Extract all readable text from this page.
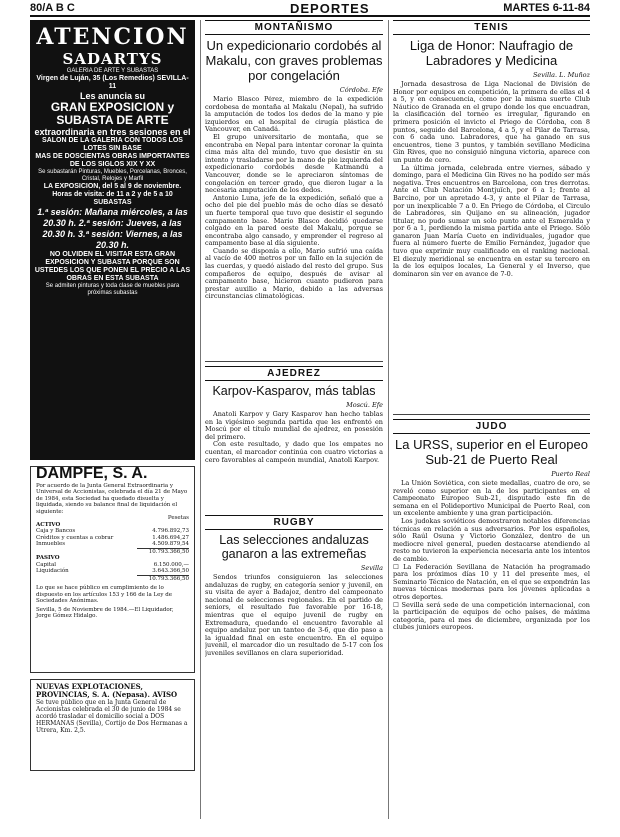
80/A B C	DEPORTES	MARTES 6-11-84
ATENCION
SADARTYS
GALERIA DE ARTE Y SUBASTAS
Virgen de Luján, 35 (Los Remedios) SEVILLA-11
Les anuncia su
GRAN EXPOSICION y
SUBASTA DE ARTE
extraordinaria en tres sesiones en el
SALON DE LA GALERIA CON TODOS LOS LOTES SIN BASE
MAS DE DOSCIENTAS OBRAS IMPORTANTES DE LOS SIGLOS XIX Y XX
Se subastarán Pinturas, Muebles, Porcelanas, Bronces, Cristal, Relojes y Marfil
LA EXPOSICION, del 5 al 9 de noviembre. Horas de visita: de 11 a 2 y de 5 a 10
SUBASTAS
1.ª sesión: Mañana miércoles, a las 20.30 h. 2.ª sesión: Jueves, a las 20.30 h. 3.ª sesión: Viernes, a las 20.30 h.
NO OLVIDEN EL VISITAR ESTA GRAN EXPOSICION Y SUBASTA PORQUE SON USTEDES LOS QUE PONEN EL PRECIO A LAS OBRAS EN ESTA SUBASTA
Se admiten pinturas y toda clase de muebles para próximas subastas
DAMPFE, S. A.
Por acuerdo de la Junta General Extraordinaria y Universal de Accionistas, celebrada el día 21 de Mayo de 1984, esta Sociedad ha quedado disuelta y liquidada, siendo su balance final de liquidación el siguiente:
	Pesetas
ACTIVO	
Caja y Bancos	4.796.892,73
Créditos y cuentas a cobrar	1.486.694,27
Inmuebles	4.509.879,54
	10.793.366,50
PASIVO	
Capital	6.150.000,—
Liquidación	3.643.366,50
	10.793.366,50
Lo que se hace público en cumplimiento de lo dispuesto en los artículos 153 y 166 de la Ley de Sociedades Anónimas.
Sevilla, 5 de Noviembre de 1984.—El Liquidador, Jorge Gómez Hidalgo.
NUEVAS EXPLOTACIONES, PROVINCIAS, S. A. (Nepasa). AVISO
Se tuve público que en la Junta General de Accionistas celebrada el 30 de junio de 1984 se acordó trasladar el domicilio social a DOS HERMANAS (Sevilla), Cortijo de Dos Hermanas a Utrera, Km. 2,5.
MONTAÑISMO
Un expedicionario cordobés al Makalu, con graves problemas por congelación
Córdoba. Efe

Mario Blasco Pérez, miembro de la expedición cordobesa de montaña al Makalu (Nepal), ha sufrido la amputación de todos los dedos de la mano y pie izquierdos en el hospital de cirugía plástica de Vancouver, en Canadá.

El grupo universitario de montaña, que se encontraba en Nepal para intentar coronar la quinta cima más alta del mundo, tuvo que desistir en su intento y trasladarse por la mano de pie izquierda del expedicionario cordobés desde Katmandú a Vancouver, donde se le apreciaron síntomas de congelación en tercer grado, que dieron lugar a la necesaria amputación de los dedos.

Antonio Luna, jefe de la expedición, señaló que a ocho del pie del pueblo más de ocho días se desató un fuerte temporal que tuvo que desistir el segundo campamento base. Mario Blasco decidió quedarse colgado en la pared oeste del Makalu, porque se encontraba algo cansado, y emprender el regreso al campamento base al día siguiente.

Cuando se disponía a ello, Mario sufrió una caída al vacío de 400 metros por un fallo en la sujeción de las cuerdas, y quedó aislado del resto del grupo. Sus compañeros de equipo, después de avisar al campamento base, hicieron cuanto pudieron para prestar auxilio a Mario, debido a las adversas circunstancias climatológicas.

AJEDREZ
Karpov-Kasparov, más tablas
Moscú. Efe

Anatoli Karpov y Gary Kasparov han hecho tablas en la vigésimo segunda partida que les enfrentó en Moscú por el título mundial de ajedrez, en posesión del primero.

Con este resultado, y dado que los empates no cuentan, el marcador continúa con cuatro victorias a cero favorables al campeón mundial, Anatoli Karpov.

RUGBY
Las selecciones andaluzas ganaron a las extremeñas
Sevilla

Sendos triunfos consiguieron las selecciones andaluzas de rugby, en categoría senior y juvenil, en su visita de ayer a Badajoz, dentro del campeonato nacional de selecciones regionales. En el partido de seniors, el resultado fue favorable por 16-18, mientras que el equipo juvenil de rugby en Extremadura, quedando el encuentro favorable al equipo andaluz por un tanteo de 3-6, que dio paso a la igualdad final en este encuentro. En el equipo juvenil, el marcador dio un resultado de 5-17 con los juveniles sevillanos en clara superioridad.

TENIS
Liga de Honor: Naufragio de Labradores y Medicina
Sevilla. L. Muñoz

Jornada desastrosa de Liga Nacional de División de Honor por equipos en competición, la primera de ellas el 4 a 5, y en consecuencia, como por la misma suerte Club Náutico de Granada en el grupo donde los que encuadran, la clasificación del torneo es irregular, figurando en primera posición el invicto el Priego de Córdoba, con 8 puntos, seguido del Barcelona, 4 a 5, y el Pilar de Tarrasa, con 6 cada uno. Labradores, que ha ganado en sus encuentros, tiene 3 puntos, y también sevillano Medicina Gin Rives, que no consiguió ninguna victoria, aparece con un punto de cero.

La última jornada, celebrada entre viernes, sábado y domingo, para el Medicina Gin Rives no ha podido ser más negativa. Tres encuentros en Barcelona, con tres derrotas. Ante el Club Natación Montjuïch, por 6 a 1; frente al Barcino, por un apretado 4-3, y ante el Pilar de Tarrasa, por un inexplicable 7 a 0. En Priego de Córdoba, el Circulo de Labradores, sin Quijano en su alineación, jugador titular, no pudo sumar un solo punto ante el Esmeralda y por 6 a 1, perdiendo la misma partida ante el Priego. Sólo ganaron Juan María Cueto en individuales, jugador que fuera al número fuerte de Emilio Fernández, jugador que tuvo que exprimir muy cualificado en el ranking nacional. El diezuly meridional se encuentra en estar su tercero en la de los equipos locales, La General y el Inverso, que dominaron sin ver en avance de 7-0.

JUDO
La URSS, superior en el Europeo Sub-21 de Puerto Real
Puerto Real

La Unión Soviética, con siete medallas, cuatro de oro, se reveló como superior en la de los participantes en el Campeonato Europeo Sub-21, disputado este fin de semana en el Polideportivo Municipal de Puerto Real, con un excelente ambiente y una gran participación.

Los judokas soviéticos demostraron notables diferencias técnicas en relación a sus adversarios. Por los españoles, sólo Raúl Osuna y Victorio González, dentro de un mediocre nivel general, pueden destacarse atendiendo al resto no tuvieron la experiencia necesaria ante los intentos de cambio.

☐ La Federación Sevillana de Natación ha programado para los próximos días 10 y 11 del presente mes, el Seminario Técnico de Natación, en el que se expondrán las nuevas técnicas modernas para los jóvenes aplicadas a otros deportes.

☐ Sevilla será sede de una competición internacional, con la participación de equipos de ocho países, de máxima categoría, para el mes de diciembre, organizada por los clubes juniors europeos.
